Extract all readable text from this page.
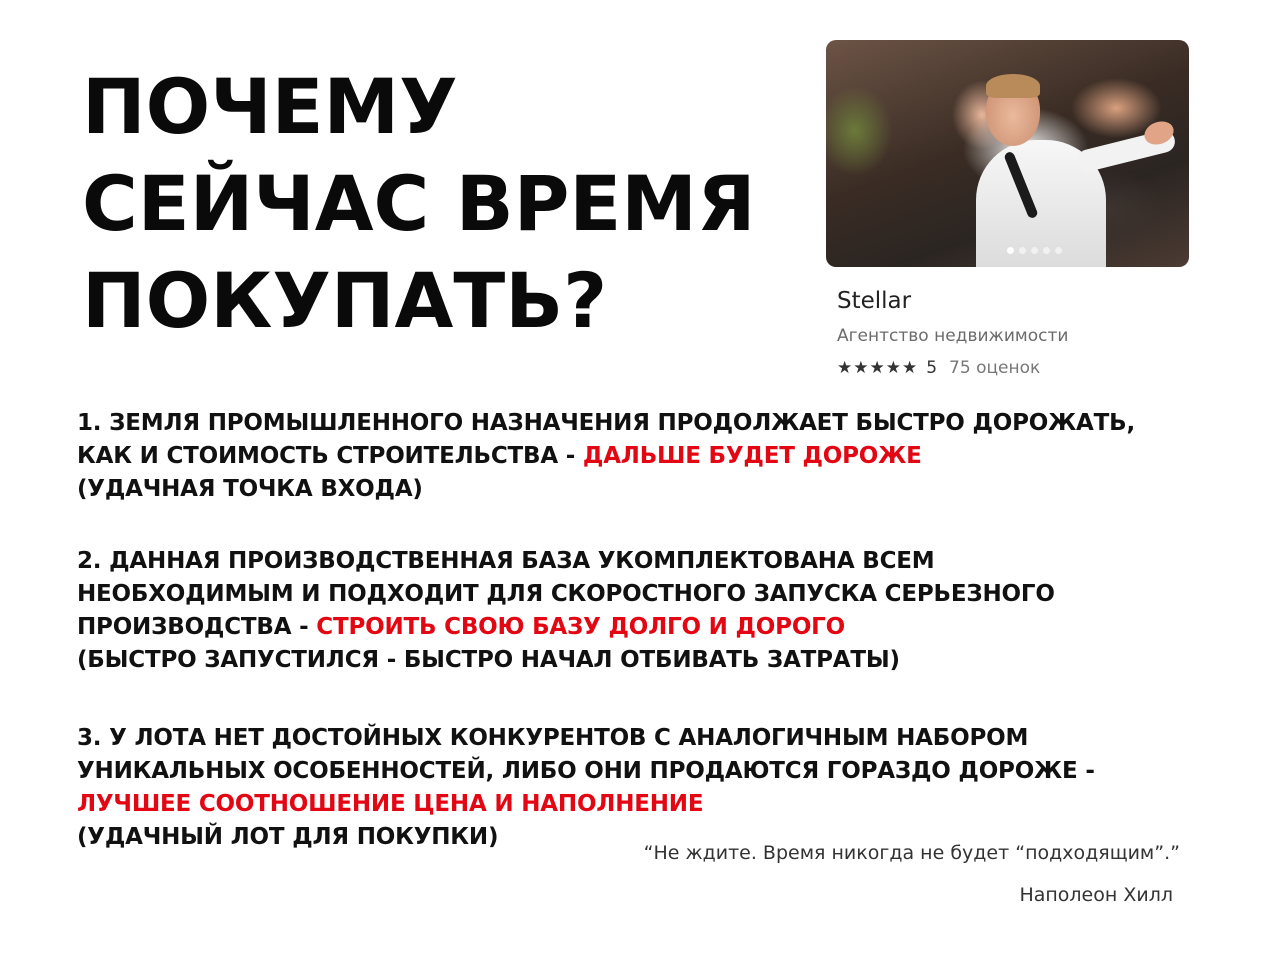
ПОЧЕМУ
СЕЙЧАС ВРЕМЯ
ПОКУПАТЬ?	Stellar
Агентство недвижимости
★★★★★ 5 75 оценок
1. ЗЕМЛЯ ПРОМЫШЛЕННОГО НАЗНАЧЕНИЯ ПРОДОЛЖАЕТ БЫСТРО ДОРОЖАТЬ,
КАК И СТОИМОСТЬ СТРОИТЕЛЬСТВА - ДАЛЬШЕ БУДЕТ ДОРОЖЕ
(УДАЧНАЯ ТОЧКА ВХОДА)
2. ДАННАЯ ПРОИЗВОДСТВЕННАЯ БАЗА УКОМПЛЕКТОВАНА ВСЕМ
НЕОБХОДИМЫМ И ПОДХОДИТ ДЛЯ СКОРОСТНОГО ЗАПУСКА СЕРЬЕЗНОГО
ПРОИЗВОДСТВА - СТРОИТЬ СВОЮ БАЗУ ДОЛГО И ДОРОГО
(БЫСТРО ЗАПУСТИЛСЯ - БЫСТРО НАЧАЛ ОТБИВАТЬ ЗАТРАТЫ)
3. У ЛОТА НЕТ ДОСТОЙНЫХ КОНКУРЕНТОВ С АНАЛОГИЧНЫМ НАБОРОМ
УНИКАЛЬНЫХ ОСОБЕННОСТЕЙ, ЛИБО ОНИ ПРОДАЮТСЯ ГОРАЗДО ДОРОЖЕ -
ЛУЧШЕЕ СООТНОШЕНИЕ ЦЕНА И НАПОЛНЕНИЕ
(УДАЧНЫЙ ЛОТ ДЛЯ ПОКУПКИ)
“Не ждите. Время никогда не будет “подходящим”.”
Наполеон Хилл
